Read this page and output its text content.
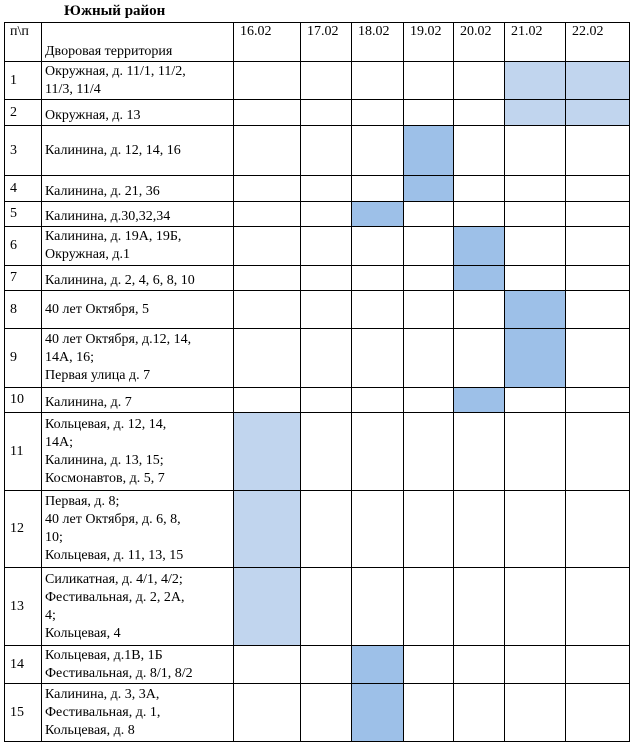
Южный район
п\п	Дворовая территория	16.02	17.02	18.02	19.02	20.02	21.02	22.02
1	Окружная, д. 11/1, 11/2,
11/3, 11/4							

2	Окружная, д. 13							

3	Калинина, д. 12, 14, 16							

4	Калинина, д. 21, 36							

5	Калинина, д.30,32,34							

6	Калинина, д. 19А, 19Б,
Окружная, д.1							

7	Калинина, д. 2, 4, 6, 8, 10							

8	40 лет Октября, 5							

9	40 лет Октября, д.12, 14,
14А, 16;
Первая улица д. 7							

10	Калинина, д. 7							

11	Кольцевая, д. 12, 14,
14А;
Калинина, д. 13, 15;
Космонавтов, д. 5, 7							

12	Первая, д. 8;
40 лет Октября, д. 6, 8,
10;
Кольцевая, д. 11, 13, 15							

13	Силикатная, д. 4/1, 4/2;
Фестивальная, д. 2, 2А,
4;
Кольцевая, 4							

14	Кольцевая, д.1В, 1Б
Фестивальная, д. 8/1, 8/2							

15	Калинина, д. 3, 3А,
Фестивальная, д. 1,
Кольцевая, д. 8							
